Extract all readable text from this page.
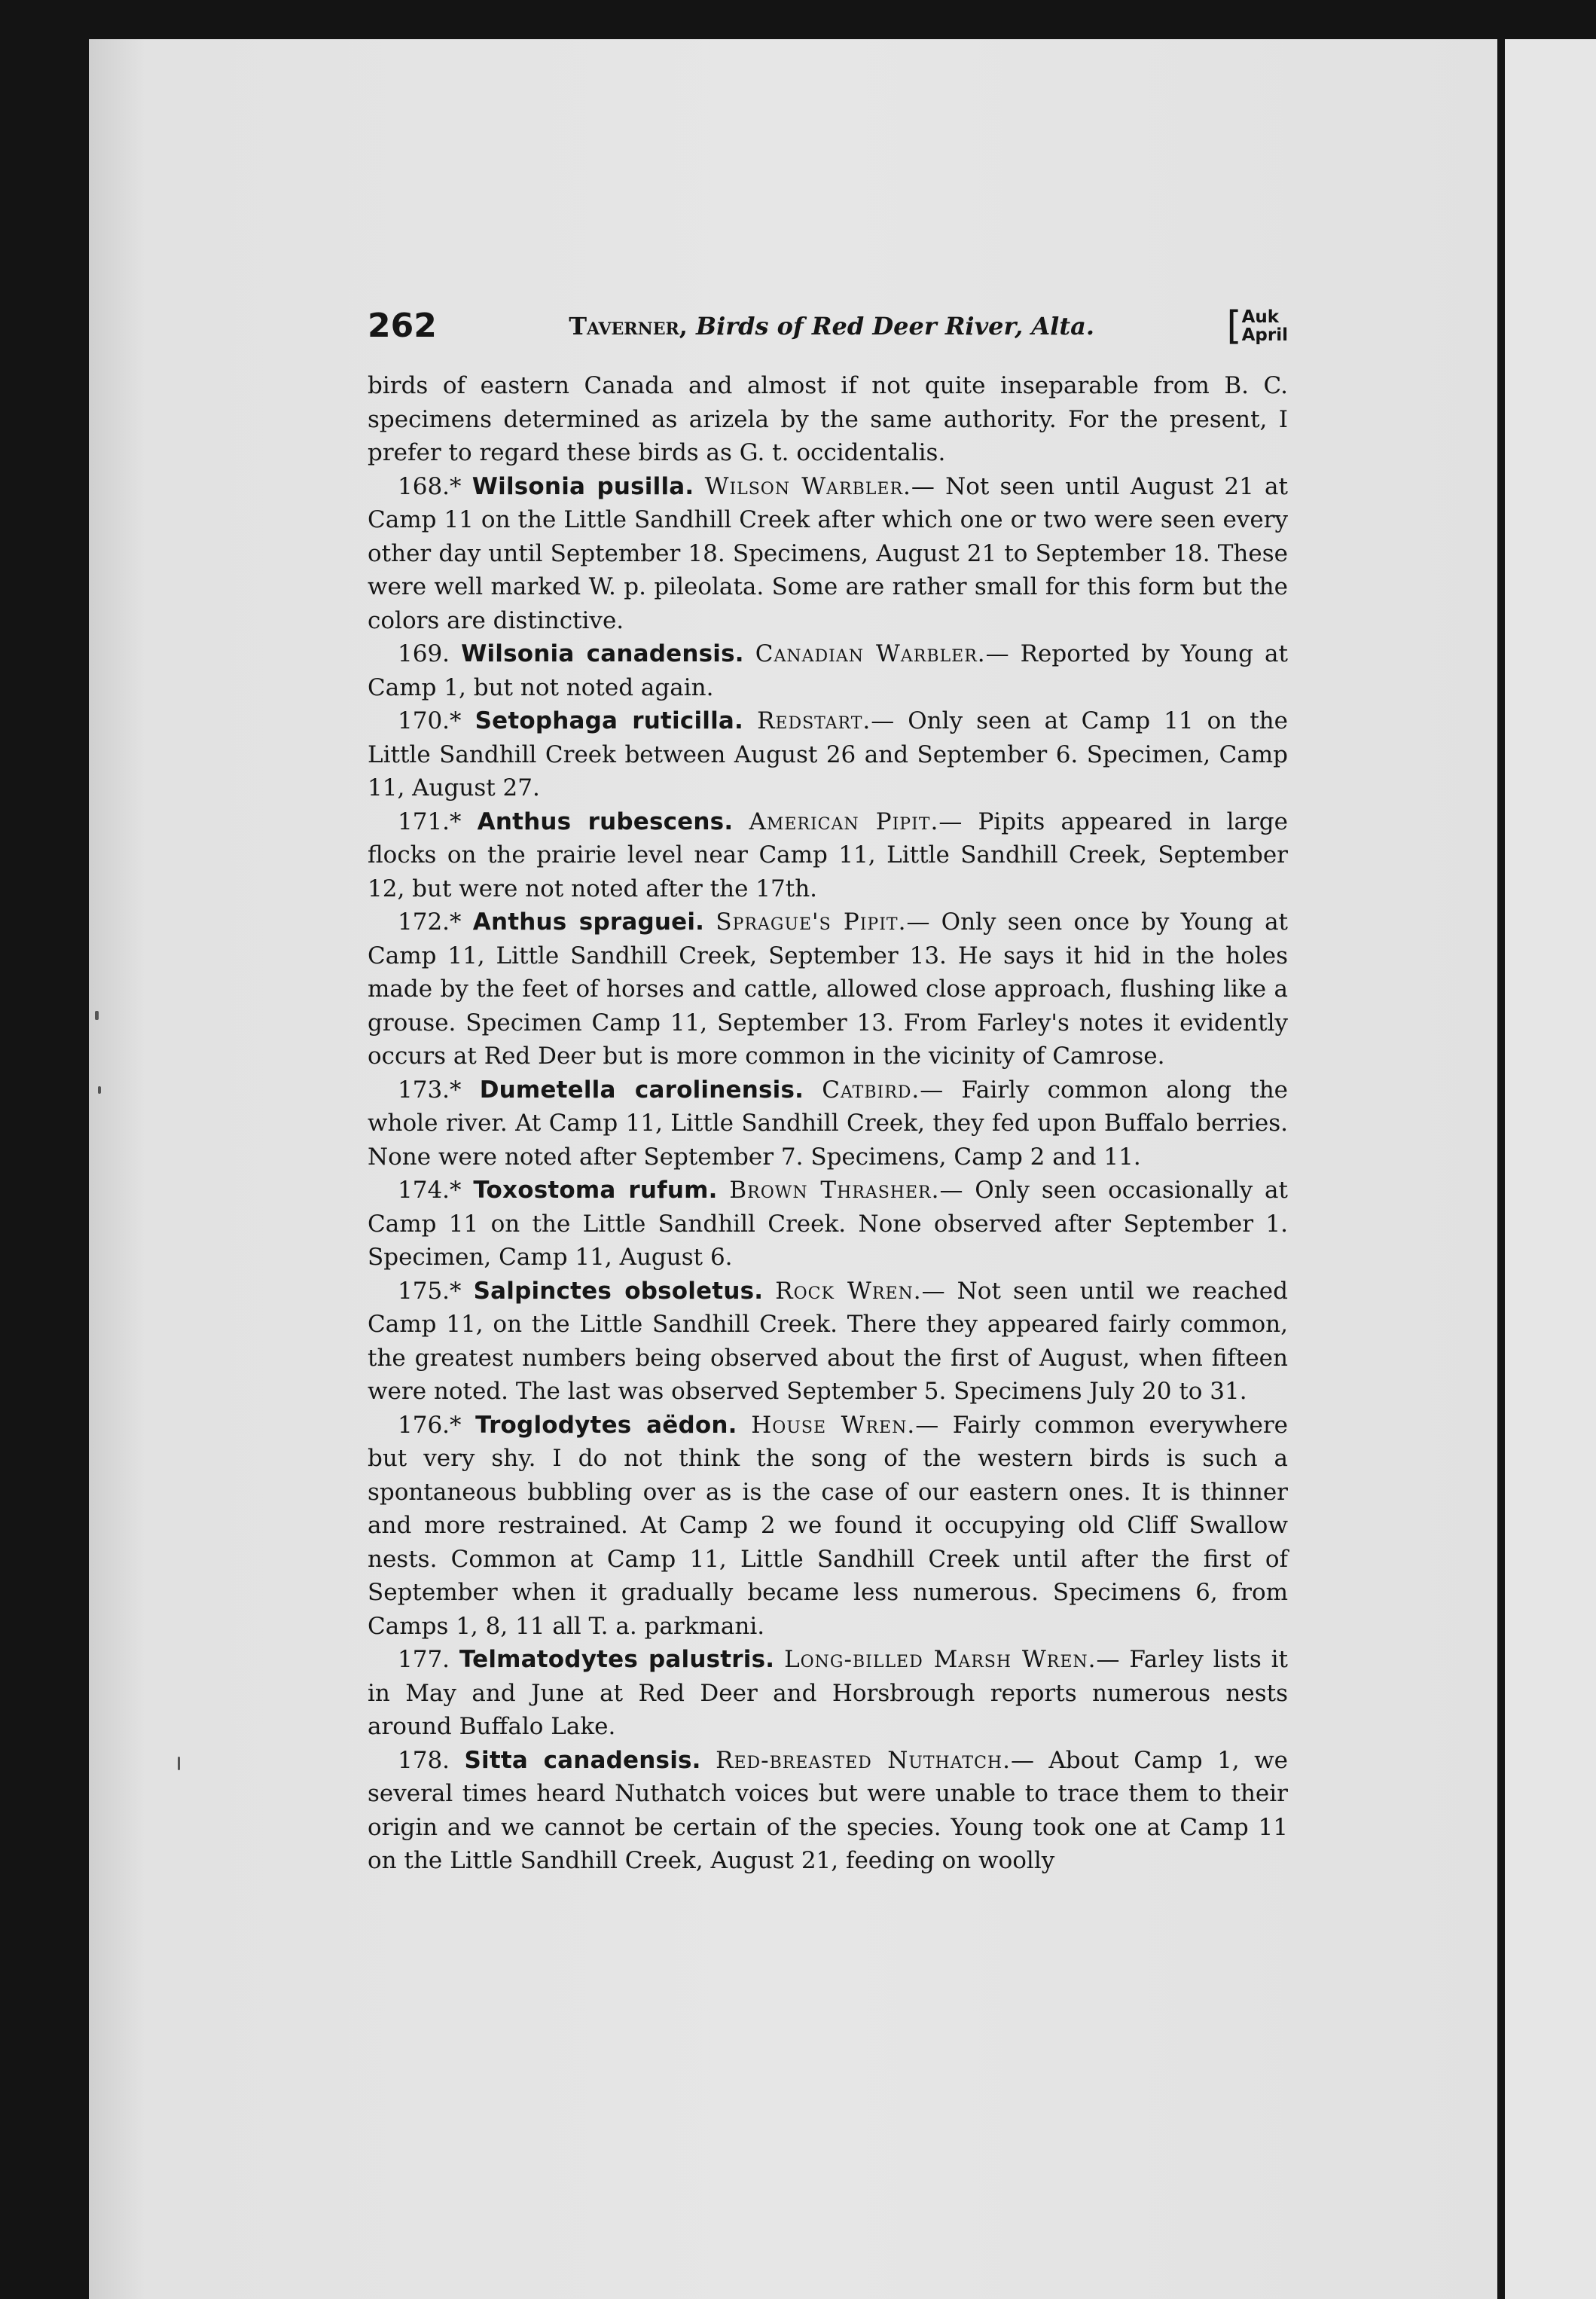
262	Taverner, Birds of Red Deer River, Alta.	[ Auk
April

birds of eastern Canada and almost if not quite inseparable from B. C. specimens determined as arizela by the same authority. For the present, I prefer to regard these birds as G. t. occidentalis.

168.* Wilsonia pusilla. Wilson Warbler.— Not seen until August 21 at Camp 11 on the Little Sandhill Creek after which one or two were seen every other day until September 18. Specimens, August 21 to September 18. These were well marked W. p. pileolata. Some are rather small for this form but the colors are distinctive.

169. Wilsonia canadensis. Canadian Warbler.— Reported by Young at Camp 1, but not noted again.

170.* Setophaga ruticilla. Redstart.— Only seen at Camp 11 on the Little Sandhill Creek between August 26 and September 6. Specimen, Camp 11, August 27.

171.* Anthus rubescens. American Pipit.— Pipits appeared in large flocks on the prairie level near Camp 11, Little Sandhill Creek, September 12, but were not noted after the 17th.

172.* Anthus spraguei. Sprague's Pipit.— Only seen once by Young at Camp 11, Little Sandhill Creek, September 13. He says it hid in the holes made by the feet of horses and cattle, allowed close approach, flushing like a grouse. Specimen Camp 11, September 13. From Farley's notes it evidently occurs at Red Deer but is more common in the vicinity of Camrose.

173.* Dumetella carolinensis. Catbird.— Fairly common along the whole river. At Camp 11, Little Sandhill Creek, they fed upon Buffalo berries. None were noted after September 7. Specimens, Camp 2 and 11.

174.* Toxostoma rufum. Brown Thrasher.— Only seen occasionally at Camp 11 on the Little Sandhill Creek. None observed after September 1. Specimen, Camp 11, August 6.

175.* Salpinctes obsoletus. Rock Wren.— Not seen until we reached Camp 11, on the Little Sandhill Creek. There they appeared fairly common, the greatest numbers being observed about the first of August, when fifteen were noted. The last was observed September 5. Specimens July 20 to 31.

176.* Troglodytes aëdon. House Wren.— Fairly common everywhere but very shy. I do not think the song of the western birds is such a spontaneous bubbling over as is the case of our eastern ones. It is thinner and more restrained. At Camp 2 we found it occupying old Cliff Swallow nests. Common at Camp 11, Little Sandhill Creek until after the first of September when it gradually became less numerous. Specimens 6, from Camps 1, 8, 11 all T. a. parkmani.

177. Telmatodytes palustris. Long-billed Marsh Wren.— Farley lists it in May and June at Red Deer and Horsbrough reports numerous nests around Buffalo Lake.

178. Sitta canadensis. Red-breasted Nuthatch.— About Camp 1, we several times heard Nuthatch voices but were unable to trace them to their origin and we cannot be certain of the species. Young took one at Camp 11 on the Little Sandhill Creek, August 21, feeding on woolly
